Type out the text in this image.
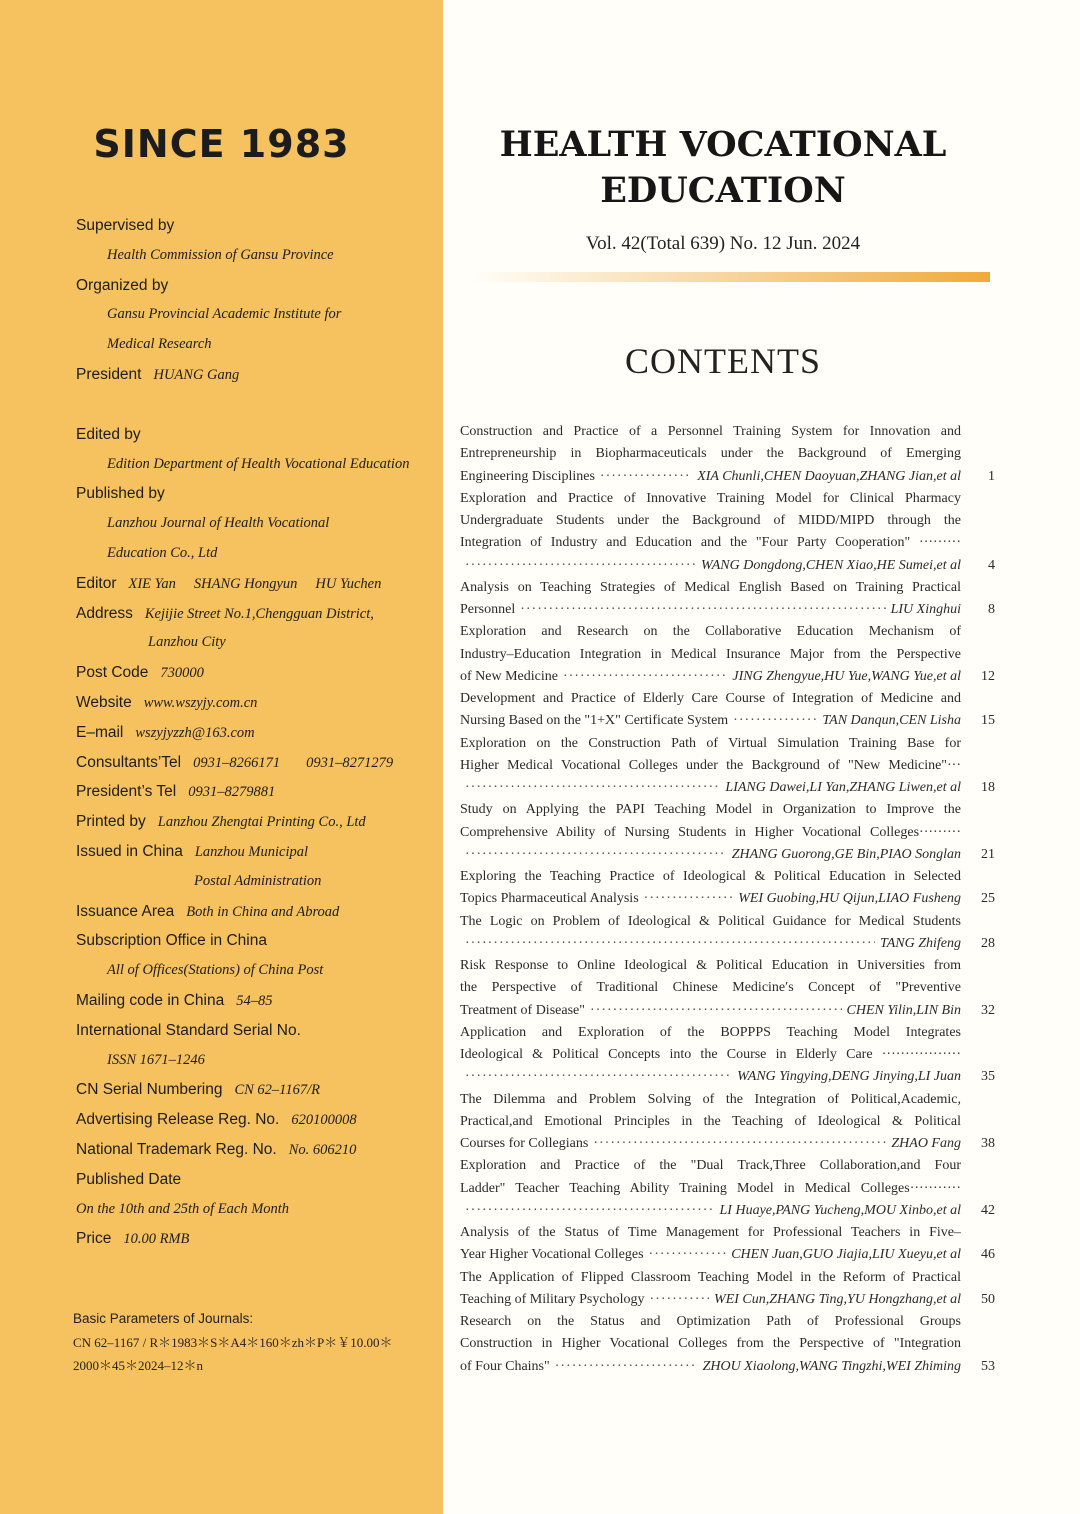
SINCE 1983
Supervised by
Health Commission of Gansu Province
Organized by
Gansu Provincial Academic Institute for
Medical Research
President HUANG Gang
Edited by
Edition Department of Health Vocational Education
Published by
Lanzhou Journal of Health Vocational
Education Co., Ltd
Editor XIE Yan SHANG Hongyun HU Yuchen
Address Kejijie Street No.1,Chengguan District,
Lanzhou City
Post Code 730000
Website www.wszyjy.com.cn
E–mail wszyjyzzh@163.com
Consultants’Tel 0931–8266171 0931–8271279
President’s Tel 0931–8279881
Printed by Lanzhou Zhengtai Printing Co., Ltd
Issued in China Lanzhou Municipal
Postal Administration
Issuance Area Both in China and Abroad
Subscription Office in China
All of Offices(Stations) of China Post
Mailing code in China 54–85
International Standard Serial No.
ISSN 1671–1246
CN Serial Numbering CN 62–1167/R
Advertising Release Reg. No. 620100008
National Trademark Reg. No. No. 606210
Published Date
On the 10th and 25th of Each Month
Price 10.00 RMB
Basic Parameters of Journals:
CN 62–1167 / R＊1983＊S＊A4＊160＊zh＊P＊￥10.00＊
2000＊45＊2024–12＊n
HEALTH VOCATIONAL
EDUCATION
Vol. 42(Total 639) No. 12 Jun. 2024
CONTENTS
Construction and Practice of a Personnel Training System for Innovation and
Entrepreneurship in Biopharmaceuticals under the Background of Emerging
Engineering Disciplines ·····	XIA Chunli,CHEN Daoyuan,ZHANG Jian,et al	1
Exploration and Practice of Innovative Training Model for Clinical Pharmacy
Undergraduate Students under the Background of MIDD/MIPD through the
Integration of Industry and Education and the "Four Party Cooperation" ·········
·····
WANG Dongdong,CHEN Xiao,HE Sumei,et al	4
Analysis on Teaching Strategies of Medical English Based on Training Practical
Personnel ·····	LIU Xinghui	8
Exploration and Research on the Collaborative Education Mechanism of
Industry–Education Integration in Medical Insurance Major from the Perspective
of New Medicine ·····	JING Zhengyue,HU Yue,WANG Yue,et al	12
Development and Practice of Elderly Care Course of Integration of Medicine and
Nursing Based on the "1+X" Certificate System ·····	TAN Danqun,CEN Lisha	15
Exploration on the Construction Path of Virtual Simulation Training Base for
Higher Medical Vocational Colleges under the Background of "New Medicine"···
·····
LIANG Dawei,LI Yan,ZHANG Liwen,et al	18
Study on Applying the PAPI Teaching Model in Organization to Improve the
Comprehensive Ability of Nursing Students in Higher Vocational Colleges·········
·····
ZHANG Guorong,GE Bin,PIAO Songlan	21
Exploring the Teaching Practice of Ideological & Political Education in Selected
Topics Pharmaceutical Analysis ·····	WEI Guobing,HU Qijun,LIAO Fusheng	25
The Logic on Problem of Ideological & Political Guidance for Medical Students
·····
TANG Zhifeng	28
Risk Response to Online Ideological & Political Education in Universities from
the Perspective of Traditional Chinese Medicine′s Concept of "Preventive
Treatment of Disease" ·····	CHEN Yilin,LIN Bin	32
Application and Exploration of the BOPPPS Teaching Model Integrates
Ideological & Political Concepts into the Course in Elderly Care ·················
·····
WANG Yingying,DENG Jinying,LI Juan	35
The Dilemma and Problem Solving of the Integration of Political,Academic,
Practical,and Emotional Principles in the Teaching of Ideological & Political
Courses for Collegians ·····	ZHAO Fang	38
Exploration and Practice of the "Dual Track,Three Collaboration,and Four
Ladder" Teacher Teaching Ability Training Model in Medical Colleges···········
·····
LI Huaye,PANG Yucheng,MOU Xinbo,et al	42
Analysis of the Status of Time Management for Professional Teachers in Five–
Year Higher Vocational Colleges ·····	CHEN Juan,GUO Jiajia,LIU Xueyu,et al	46
The Application of Flipped Classroom Teaching Model in the Reform of Practical
Teaching of Military Psychology ·····	WEI Cun,ZHANG Ting,YU Hongzhang,et al	50
Research on the Status and Optimization Path of Professional Groups
Construction in Higher Vocational Colleges from the Perspective of "Integration
of Four Chains" ·····	ZHOU Xiaolong,WANG Tingzhi,WEI Zhiming	53
